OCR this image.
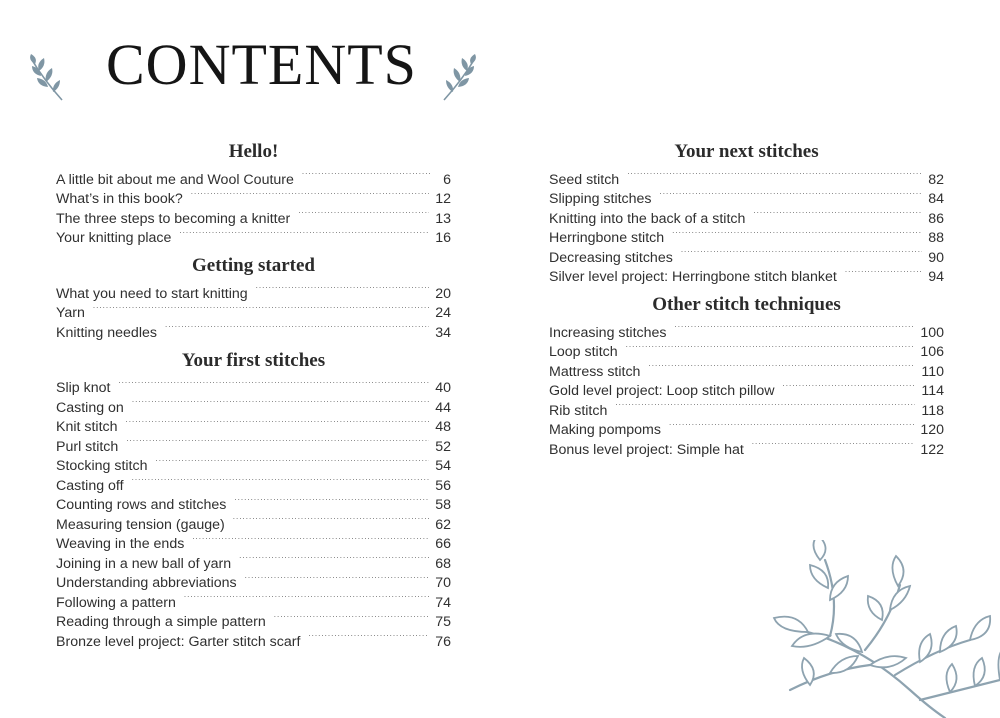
CONTENTS
Hello!
A little bit about me and Wool Couture . . .	6
What’s in this book? . . .	12
The three steps to becoming a knitter . . .	13
Your knitting place . . .	16
Getting started
What you need to start knitting . . .	20
Yarn . . .	24
Knitting needles . . .	34
Your first stitches
Slip knot . . .	40
Casting on . . .	44
Knit stitch . . .	48
Purl stitch . . .	52
Stocking stitch . . .	54
Casting off . . .	56
Counting rows and stitches . . .	58
Measuring tension (gauge) . . .	62
Weaving in the ends . . .	66
Joining in a new ball of yarn . . .	68
Understanding abbreviations . . .	70
Following a pattern . . .	74
Reading through a simple pattern . . .	75
Bronze level project: Garter stitch scarf . . .	76
Your next stitches
Seed stitch . . .	82
Slipping stitches . . .	84
Knitting into the back of a stitch . . .	86
Herringbone stitch . . .	88
Decreasing stitches . . .	90
Silver level project: Herringbone stitch blanket . . .	94
Other stitch techniques
Increasing stitches . . .	100
Loop stitch . . .	106
Mattress stitch . . .	110
Gold level project: Loop stitch pillow . . .	114
Rib stitch . . .	118
Making pompoms . . .	120
Bonus level project: Simple hat . . .	122
